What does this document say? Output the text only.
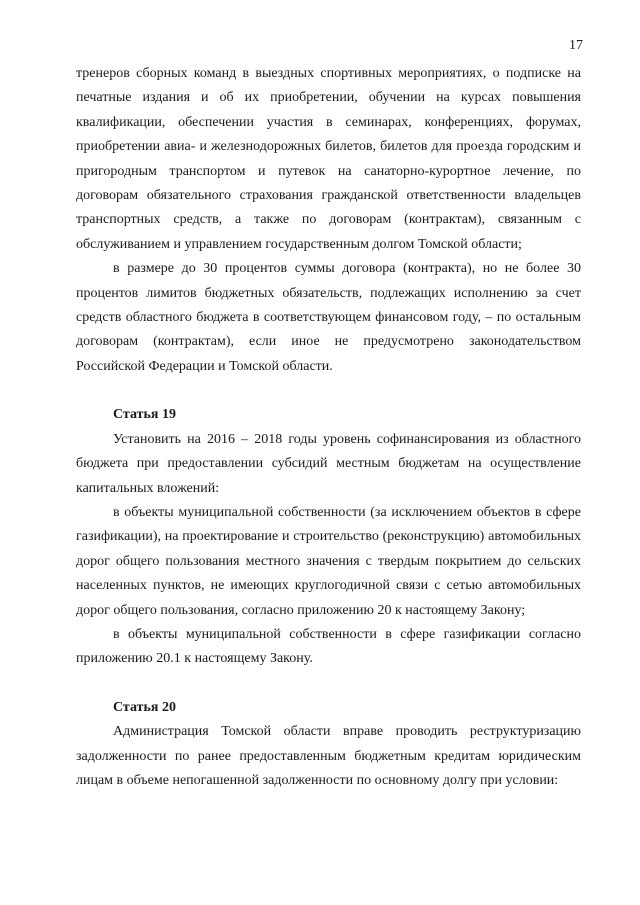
17

тренеров сборных команд в выездных спортивных мероприятиях, о подписке на печатные издания и об их приобретении, обучении на курсах повышения квалификации, обеспечении участия в семинарах, конференциях, форумах, приобретении авиа- и железнодорожных билетов, билетов для проезда городским и пригородным транспортом и путевок на санаторно-курортное лечение, по договорам обязательного страхования гражданской ответственности владельцев транспортных средств, а также по договорам (контрактам), связанным с обслуживанием и управлением государственным долгом Томской области;

в размере до 30 процентов суммы договора (контракта), но не более 30 процентов лимитов бюджетных обязательств, подлежащих исполнению за счет средств областного бюджета в соответствующем финансовом году, – по остальным договорам (контрактам), если иное не предусмотрено законодательством Российской Федерации и Томской области.

Статья 19

Установить на 2016 – 2018 годы уровень софинансирования из областного бюджета при предоставлении субсидий местным бюджетам на осуществление капитальных вложений:

в объекты муниципальной собственности (за исключением объектов в сфере газификации), на проектирование и строительство (реконструкцию) автомобильных дорог общего пользования местного значения с твердым покрытием до сельских населенных пунктов, не имеющих круглогодичной связи с сетью автомобильных дорог общего пользования, согласно приложению 20 к настоящему Закону;

в объекты муниципальной собственности в сфере газификации согласно приложению 20.1 к настоящему Закону.

Статья 20

Администрация Томской области вправе проводить реструктуризацию задолженности по ранее предоставленным бюджетным кредитам юридическим лицам в объеме непогашенной задолженности по основному долгу при условии:
